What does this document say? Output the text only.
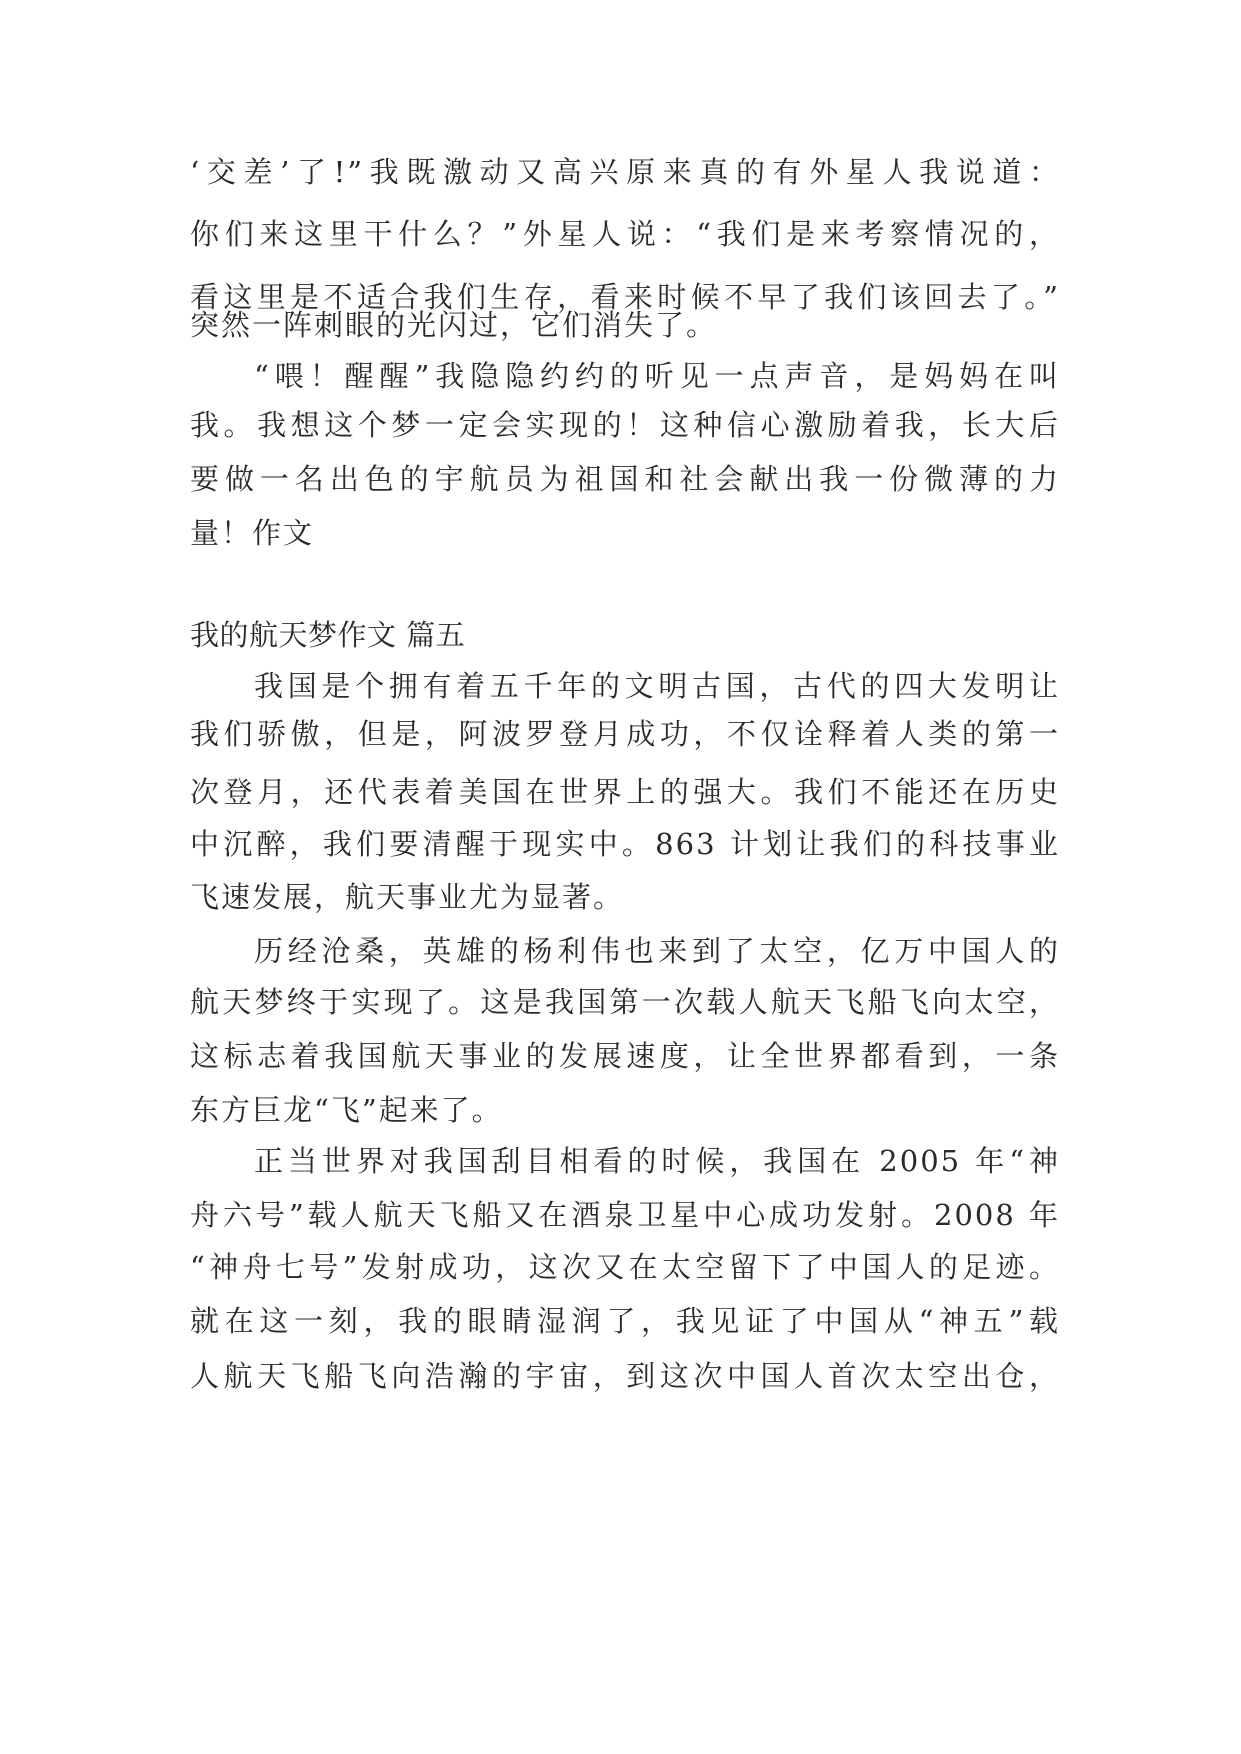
‘交差’了!”我既激动又高兴原来真的有外星人我说道：
你们来这里干什么？”外星人说：“我们是来考察情况的，
看这里是不适合我们生存，看来时候不早了我们该回去了。”
突然一阵刺眼的光闪过，它们消失了。
“喂！醒醒”我隐隐约约的听见一点声音，是妈妈在叫
我。我想这个梦一定会实现的！这种信心激励着我，长大后
要做一名出色的宇航员为祖国和社会献出我一份微薄的力
量！作文
我的航天梦作文 篇五
我国是个拥有着五千年的文明古国，古代的四大发明让
我们骄傲，但是，阿波罗登月成功，不仅诠释着人类的第一
次登月，还代表着美国在世界上的强大。我们不能还在历史
中沉醉，我们要清醒于现实中。863 计划让我们的科技事业
飞速发展，航天事业尤为显著。
历经沧桑，英雄的杨利伟也来到了太空，亿万中国人的
航天梦终于实现了。这是我国第一次载人航天飞船飞向太空，
这标志着我国航天事业的发展速度，让全世界都看到，一条
东方巨龙“飞”起来了。
正当世界对我国刮目相看的时候，我国在 2005 年“神
舟六号”载人航天飞船又在酒泉卫星中心成功发射。2008 年
“神舟七号”发射成功，这次又在太空留下了中国人的足迹。
就在这一刻，我的眼睛湿润了，我见证了中国从“神五”载
人航天飞船飞向浩瀚的宇宙，到这次中国人首次太空出仓，
